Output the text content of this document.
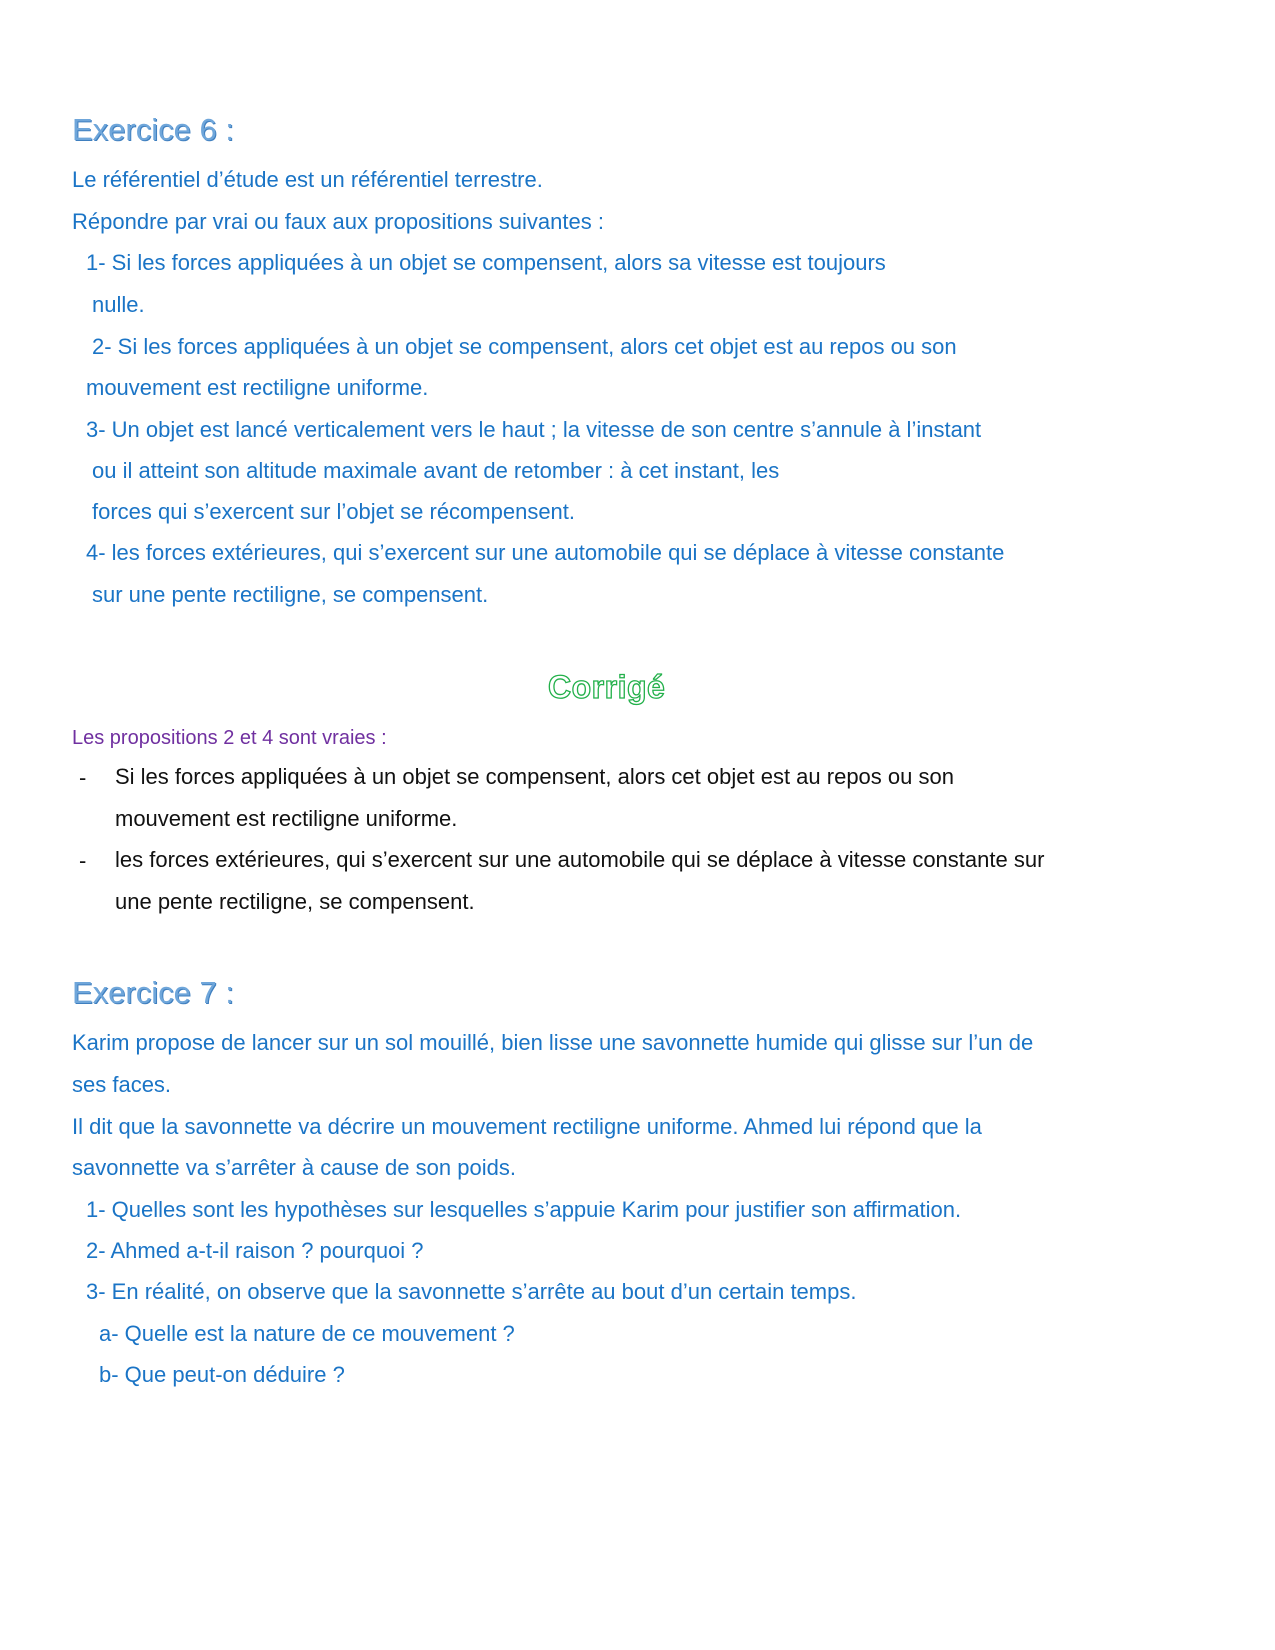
Exercice 6 :
Le référentiel d’étude est un référentiel terrestre.
Répondre par vrai ou faux aux propositions suivantes :
1- Si les forces appliquées à un objet se compensent, alors sa vitesse est toujours
nulle.
2- Si les forces appliquées à un objet se compensent, alors cet objet est au repos ou son
mouvement est rectiligne uniforme.
3- Un objet est lancé verticalement vers le haut ; la vitesse de son centre s’annule à l’instant
ou il atteint son altitude maximale avant de retomber : à cet instant, les
forces qui s’exercent sur l’objet se récompensent.
4- les forces extérieures, qui s’exercent sur une automobile qui se déplace à vitesse constante
sur une pente rectiligne, se compensent.
Corrigé
Les propositions 2 et 4 sont vraies :
- Si les forces appliquées à un objet se compensent, alors cet objet est au repos ou son
mouvement est rectiligne uniforme.
- les forces extérieures, qui s’exercent sur une automobile qui se déplace à vitesse constante sur
une pente rectiligne, se compensent.
Exercice 7 :
Karim propose de lancer sur un sol mouillé, bien lisse une savonnette humide qui glisse sur l’un de
ses faces.
Il dit que la savonnette va décrire un mouvement rectiligne uniforme. Ahmed lui répond que la
savonnette va s’arrêter à cause de son poids.
1- Quelles sont les hypothèses sur lesquelles s’appuie Karim pour justifier son affirmation.
2- Ahmed a-t-il raison ? pourquoi ?
3- En réalité, on observe que la savonnette s’arrête au bout d’un certain temps.
a- Quelle est la nature de ce mouvement ?
b- Que peut-on déduire ?
